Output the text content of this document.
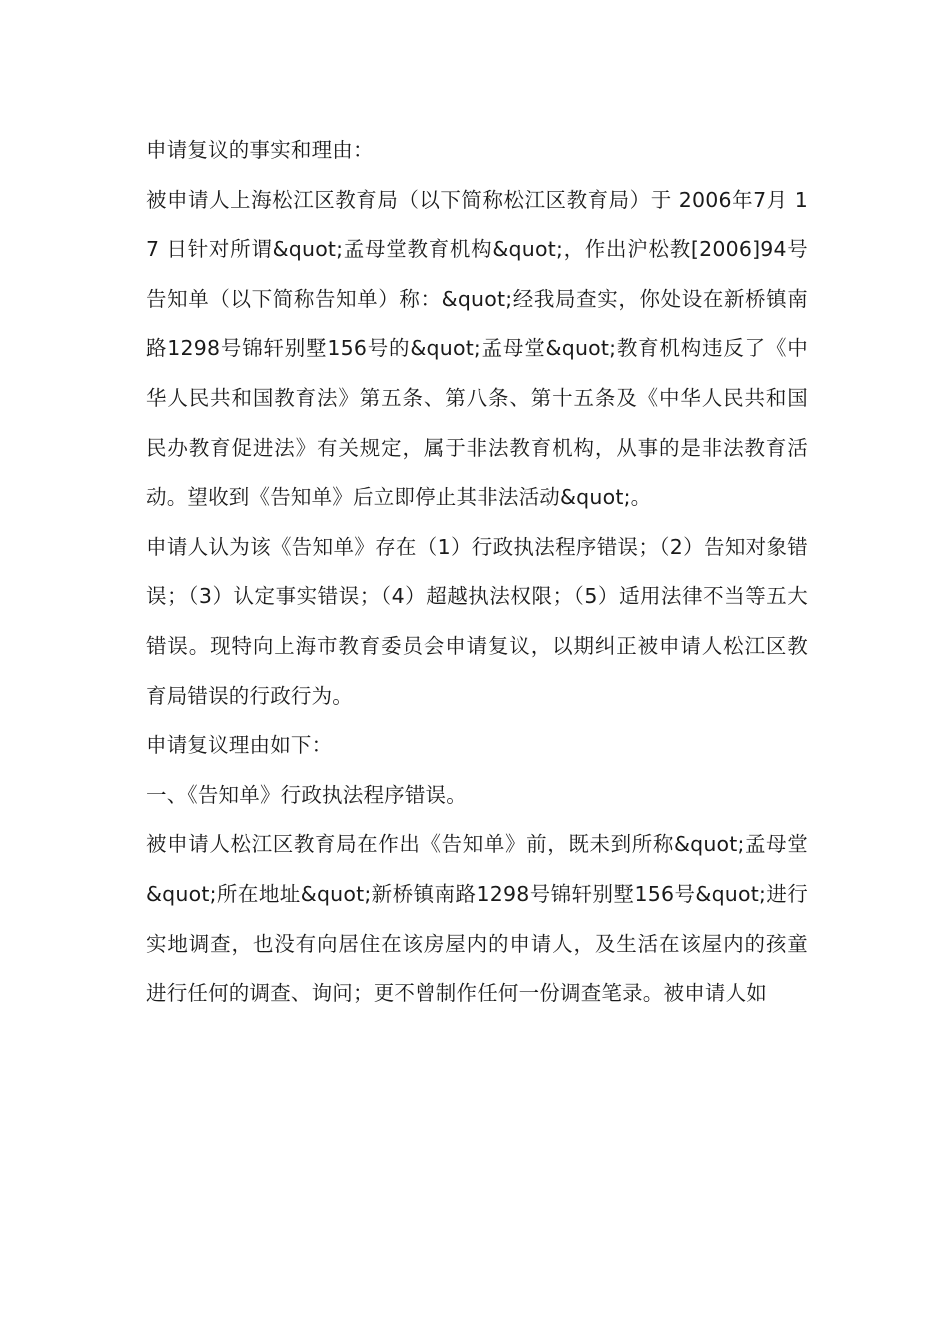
申请复议的事实和理由：

被申请人上海松江区教育局（以下简称松江区教育局）于 2006年7月 17 日针对所谓&quot;孟母堂教育机构&quot;，作出沪松教[2006]94号告知单（以下简称告知单）称：&quot;经我局查实，你处设在新桥镇南路1298号锦轩别墅156号的&quot;孟母堂&quot;教育机构违反了《中华人民共和国教育法》第五条、第八条、第十五条及《中华人民共和国民办教育促进法》有关规定，属于非法教育机构，从事的是非法教育活动。望收到《告知单》后立即停止其非法活动&quot;。

申请人认为该《告知单》存在（1）行政执法程序错误；（2）告知对象错误；（3）认定事实错误；（4）超越执法权限；（5）适用法律不当等五大错误。现特向上海市教育委员会申请复议，以期纠正被申请人松江区教育局错误的行政行为。

申请复议理由如下：

一、《告知单》行政执法程序错误。

被申请人松江区教育局在作出《告知单》前，既未到所称&quot;孟母堂&quot;所在地址&quot;新桥镇南路1298号锦轩别墅156号&quot;进行实地调查，也没有向居住在该房屋内的申请人，及生活在该屋内的孩童进行任何的调查、询问；更不曾制作任何一份调查笔录。被申请人如
